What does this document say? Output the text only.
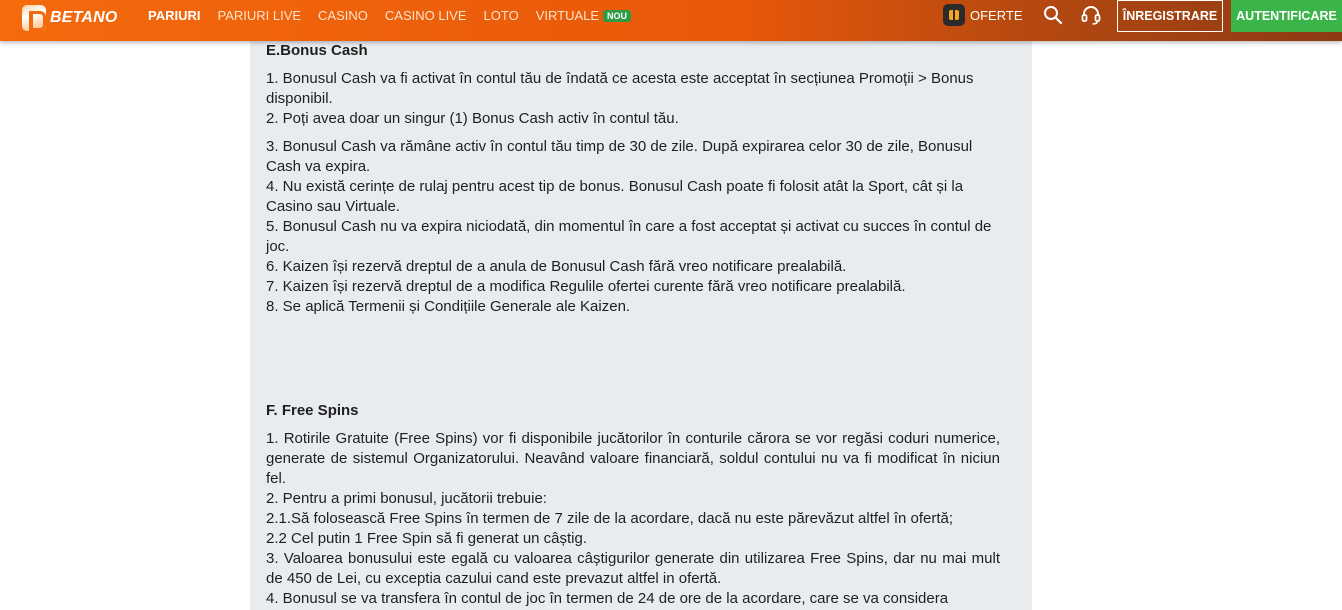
BETANO PARIURI PARIURI LIVE CASINO CASINO LIVE LOTO VIRTUALE NOU	OFERTE	ÎNREGISTRARE	AUTENTIFICARE
E.Bonus Cash
1. Bonusul Cash va fi activat în contul tău de îndată ce acesta este acceptat în secțiunea Promoții > Bonus disponibil.
2. Poți avea doar un singur (1) Bonus Cash activ în contul tău.
3. Bonusul Cash va rămâne activ în contul tău timp de 30 de zile. După expirarea celor 30 de zile, Bonusul Cash va expira.
4. Nu există cerințe de rulaj pentru acest tip de bonus. Bonusul Cash poate fi folosit atât la Sport, cât și la Casino sau Virtuale.
5. Bonusul Cash nu va expira niciodată, din momentul în care a fost acceptat și activat cu succes în contul de joc.
6. Kaizen își rezervă dreptul de a anula de Bonusul Cash fără vreo notificare prealabilă.
7. Kaizen își rezervă dreptul de a modifica Regulile ofertei curente fără vreo notificare prealabilă.
8. Se aplică Termenii și Condițiile Generale ale Kaizen.
F. Free Spins
1. Rotirile Gratuite (Free Spins) vor fi disponibile jucătorilor în conturile cărora se vor regăsi coduri numerice, generate de sistemul Organizatorului. Neavând valoare financiară, soldul contului nu va fi modificat în niciun fel.
2. Pentru a primi bonusul, jucătorii trebuie:
2.1.Să folosească Free Spins în termen de 7 zile de la acordare, dacă nu este părevăzut altfel în ofertă;
2.2 Cel putin 1 Free Spin să fi generat un câștig.
3. Valoarea bonusului este egală cu valoarea câștigurilor generate din utilizarea Free Spins, dar nu mai mult de 450 de Lei, cu exceptia cazului cand este prevazut altfel in ofertă.
4. Bonusul se va transfera în contul de joc în termen de 24 de ore de la acordare, care se va considera
